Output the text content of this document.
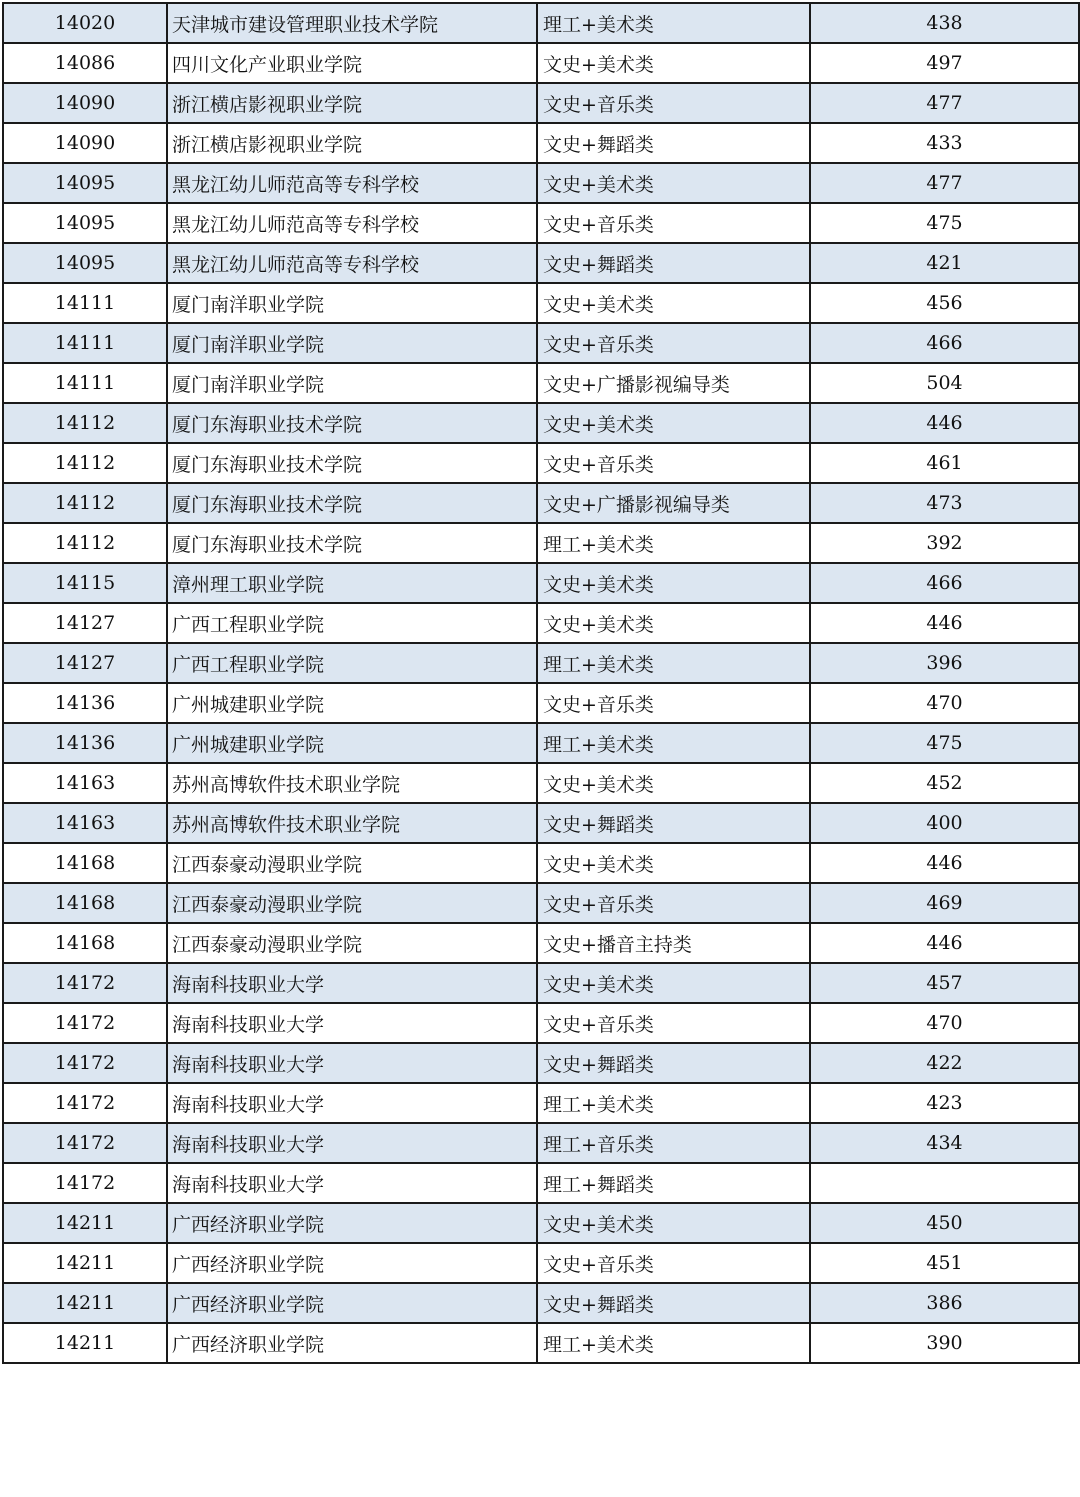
14020	天津城市建设管理职业技术学院	理工+美术类	438
14086	四川文化产业职业学院	文史+美术类	497
14090	浙江横店影视职业学院	文史+音乐类	477
14090	浙江横店影视职业学院	文史+舞蹈类	433
14095	黑龙江幼儿师范高等专科学校	文史+美术类	477
14095	黑龙江幼儿师范高等专科学校	文史+音乐类	475
14095	黑龙江幼儿师范高等专科学校	文史+舞蹈类	421
14111	厦门南洋职业学院	文史+美术类	456
14111	厦门南洋职业学院	文史+音乐类	466
14111	厦门南洋职业学院	文史+广播影视编导类	504
14112	厦门东海职业技术学院	文史+美术类	446
14112	厦门东海职业技术学院	文史+音乐类	461
14112	厦门东海职业技术学院	文史+广播影视编导类	473
14112	厦门东海职业技术学院	理工+美术类	392
14115	漳州理工职业学院	文史+美术类	466
14127	广西工程职业学院	文史+美术类	446
14127	广西工程职业学院	理工+美术类	396
14136	广州城建职业学院	文史+音乐类	470
14136	广州城建职业学院	理工+美术类	475
14163	苏州高博软件技术职业学院	文史+美术类	452
14163	苏州高博软件技术职业学院	文史+舞蹈类	400
14168	江西泰豪动漫职业学院	文史+美术类	446
14168	江西泰豪动漫职业学院	文史+音乐类	469
14168	江西泰豪动漫职业学院	文史+播音主持类	446
14172	海南科技职业大学	文史+美术类	457
14172	海南科技职业大学	文史+音乐类	470
14172	海南科技职业大学	文史+舞蹈类	422
14172	海南科技职业大学	理工+美术类	423
14172	海南科技职业大学	理工+音乐类	434
14172	海南科技职业大学	理工+舞蹈类	
14211	广西经济职业学院	文史+美术类	450
14211	广西经济职业学院	文史+音乐类	451
14211	广西经济职业学院	文史+舞蹈类	386
14211	广西经济职业学院	理工+美术类	390
